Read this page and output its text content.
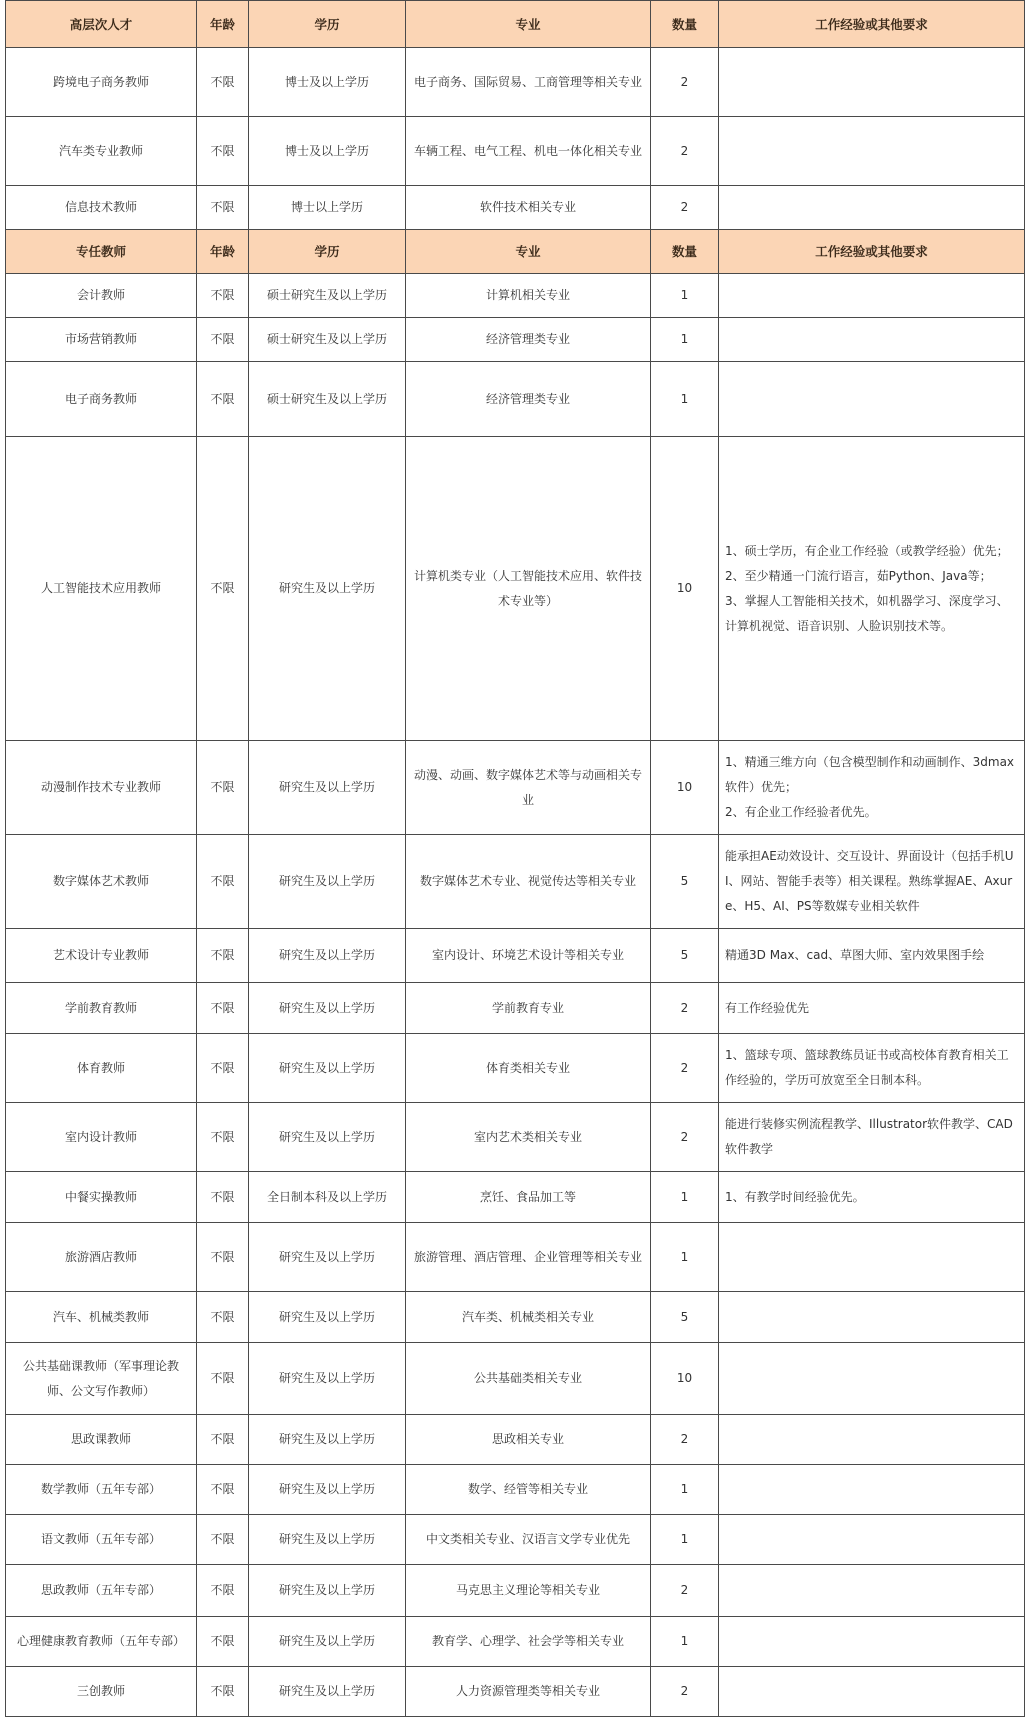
高层次人才	年龄	学历	专业	数量	工作经验或其他要求
跨境电子商务教师	不限	博士及以上学历	电子商务、国际贸易、工商管理等相关专业	2	
汽车类专业教师	不限	博士及以上学历	车辆工程、电气工程、机电一体化相关专业	2	
信息技术教师	不限	博士以上学历	软件技术相关专业	2	
专任教师	年龄	学历	专业	数量	工作经验或其他要求
会计教师	不限	硕士研究生及以上学历	计算机相关专业	1	
市场营销教师	不限	硕士研究生及以上学历	经济管理类专业	1	
电子商务教师	不限	硕士研究生及以上学历	经济管理类专业	1	
人工智能技术应用教师	不限	研究生及以上学历	计算机类专业（人工智能技术应用、软件技术专业等）	10	1、硕士学历，有企业工作经验（或教学经验）优先；
2、至少精通一门流行语言，茹Python、Java等；
3、掌握人工智能相关技术，如机器学习、深度学习、计算机视觉、语音识别、人脸识别技术等。

动漫制作技术专业教师	不限	研究生及以上学历	动漫、动画、数字媒体艺术等与动画相关专业	10	1、精通三维方向（包含模型制作和动画制作、3dmax软件）优先；
2、有企业工作经验者优先。

数字媒体艺术教师	不限	研究生及以上学历	数字媒体艺术专业、视觉传达等相关专业	5	能承担AE动效设计、交互设计、界面设计（包括手机UI、网站、智能手表等）相关课程。熟练掌握AE、Axure、H5、AI、PS等数媒专业相关软件

艺术设计专业教师	不限	研究生及以上学历	室内设计、环境艺术设计等相关专业	5	精通3D Max、cad、草图大师、室内效果图手绘

学前教育教师	不限	研究生及以上学历	学前教育专业	2	有工作经验优先

体育教师	不限	研究生及以上学历	体育类相关专业	2	1、篮球专项、篮球教练员证书或高校体育教育相关工作经验的，学历可放宽至全日制本科。

室内设计教师	不限	研究生及以上学历	室内艺术类相关专业	2	能进行装修实例流程教学、Illustrator软件教学、CAD软件教学

中餐实操教师	不限	全日制本科及以上学历	烹饪、食品加工等	1	1、有教学时间经验优先。

旅游酒店教师	不限	研究生及以上学历	旅游管理、酒店管理、企业管理等相关专业	1	
汽车、机械类教师	不限	研究生及以上学历	汽车类、机械类相关专业	5	
公共基础课教师（军事理论教师、公文写作教师）	不限	研究生及以上学历	公共基础类相关专业	10	
思政课教师	不限	研究生及以上学历	思政相关专业	2	
数学教师（五年专部）	不限	研究生及以上学历	数学、经管等相关专业	1	
语文教师（五年专部）	不限	研究生及以上学历	中文类相关专业、汉语言文学专业优先	1	
思政教师（五年专部）	不限	研究生及以上学历	马克思主义理论等相关专业	2	
心理健康教育教师（五年专部）	不限	研究生及以上学历	教育学、心理学、社会学等相关专业	1	
三创教师	不限	研究生及以上学历	人力资源管理类等相关专业	2	
